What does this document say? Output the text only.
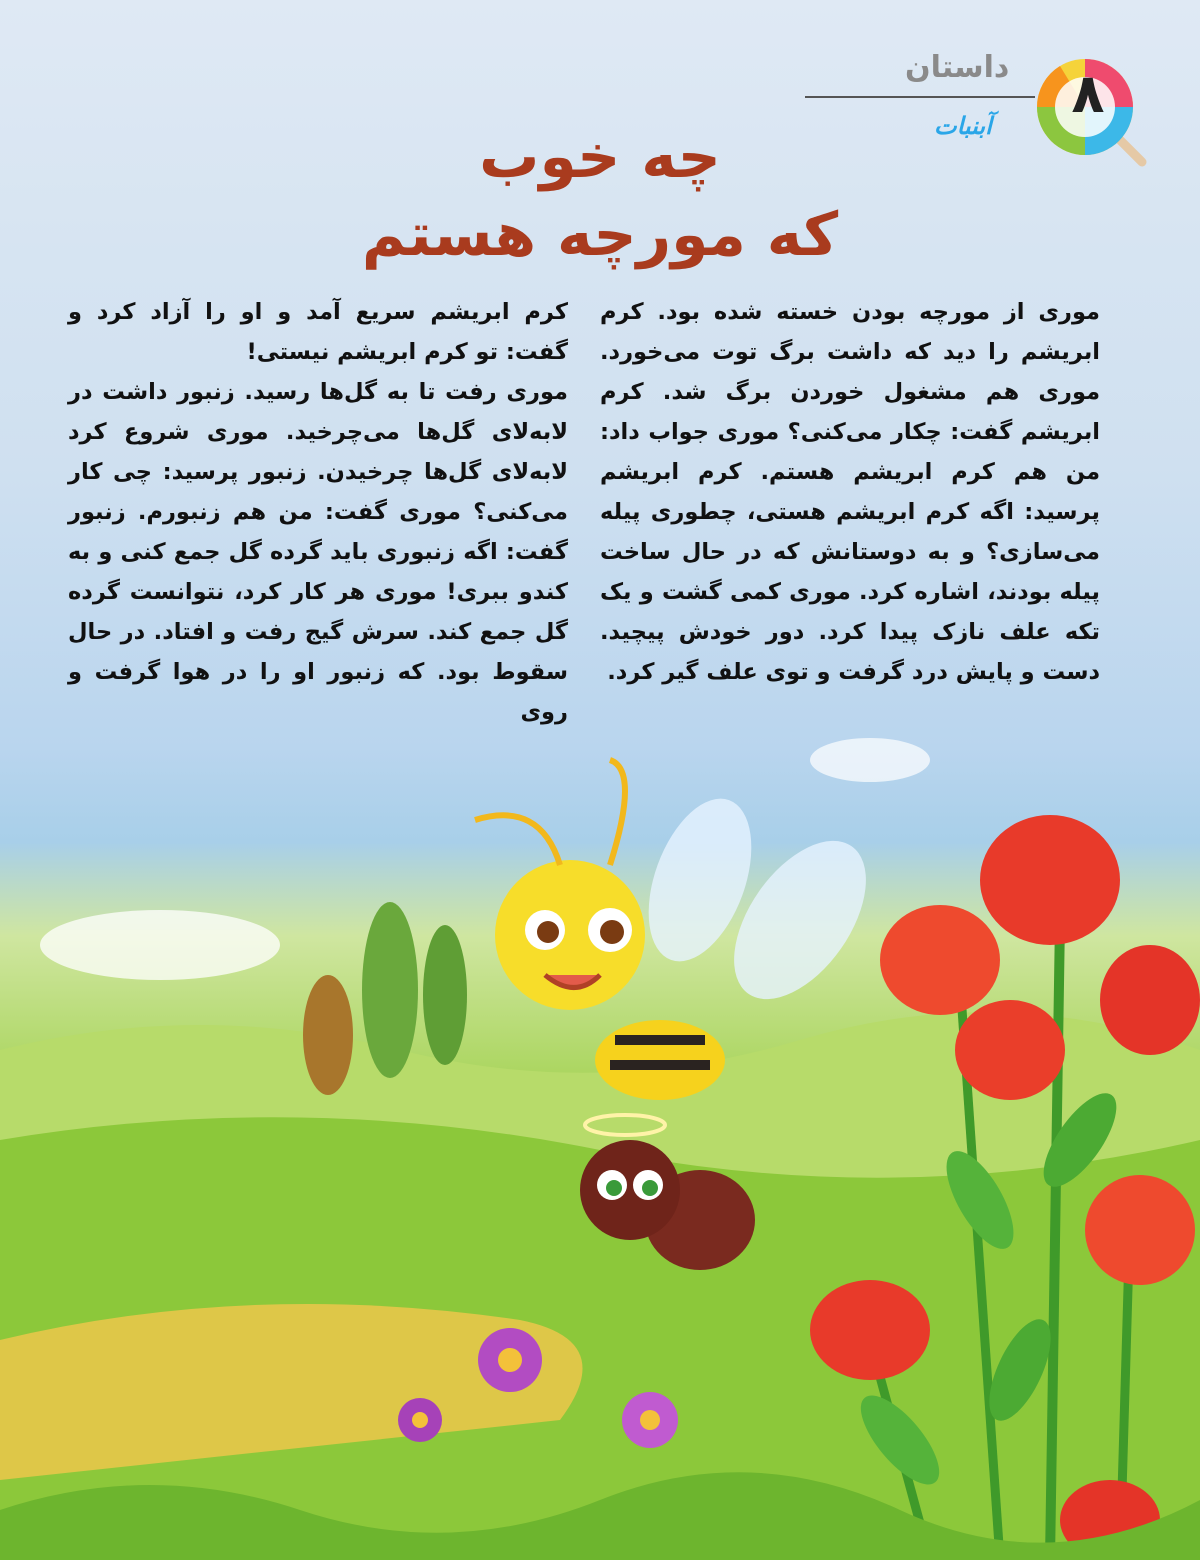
داستان ۸
آبنبات
چه خوب
که مورچه هستم

موری از مورچه بودن خسته شده بود. کرم ابریشم را دید که داشت برگ توت می‌خورد. موری هم مشغول خوردن برگ شد. کرم ابریشم گفت: چکار می‌کنی؟ موری جواب داد: من هم کرم ابریشم هستم. کرم ابریشم پرسید: اگه کرم ابریشم هستی، چطوری پیله می‌سازی؟ و به دوستانش که در حال ساخت پیله بودند، اشاره کرد. موری کمی گشت و یک تکه علف نازک پیدا کرد. دور خودش پیچید. دست و پایش درد گرفت و توی علف گیر کرد.

کرم ابریشم سریع آمد و او را آزاد کرد و گفت: تو کرم ابریشم نیستی!

موری رفت تا به گل‌ها رسید. زنبور داشت در لابه‌لای گل‌ها می‌چرخید. موری شروع کرد لابه‌لای گل‌ها چرخیدن. زنبور پرسید: چی کار می‌کنی؟ موری گفت: من هم زنبورم. زنبور گفت: اگه زنبوری باید گرده گل جمع کنی و به کندو ببری! موری هر کار کرد، نتوانست گرده گل جمع کند. سرش گیج رفت و افتاد. در حال سقوط بود. که زنبور او را در هوا گرفت و روی
